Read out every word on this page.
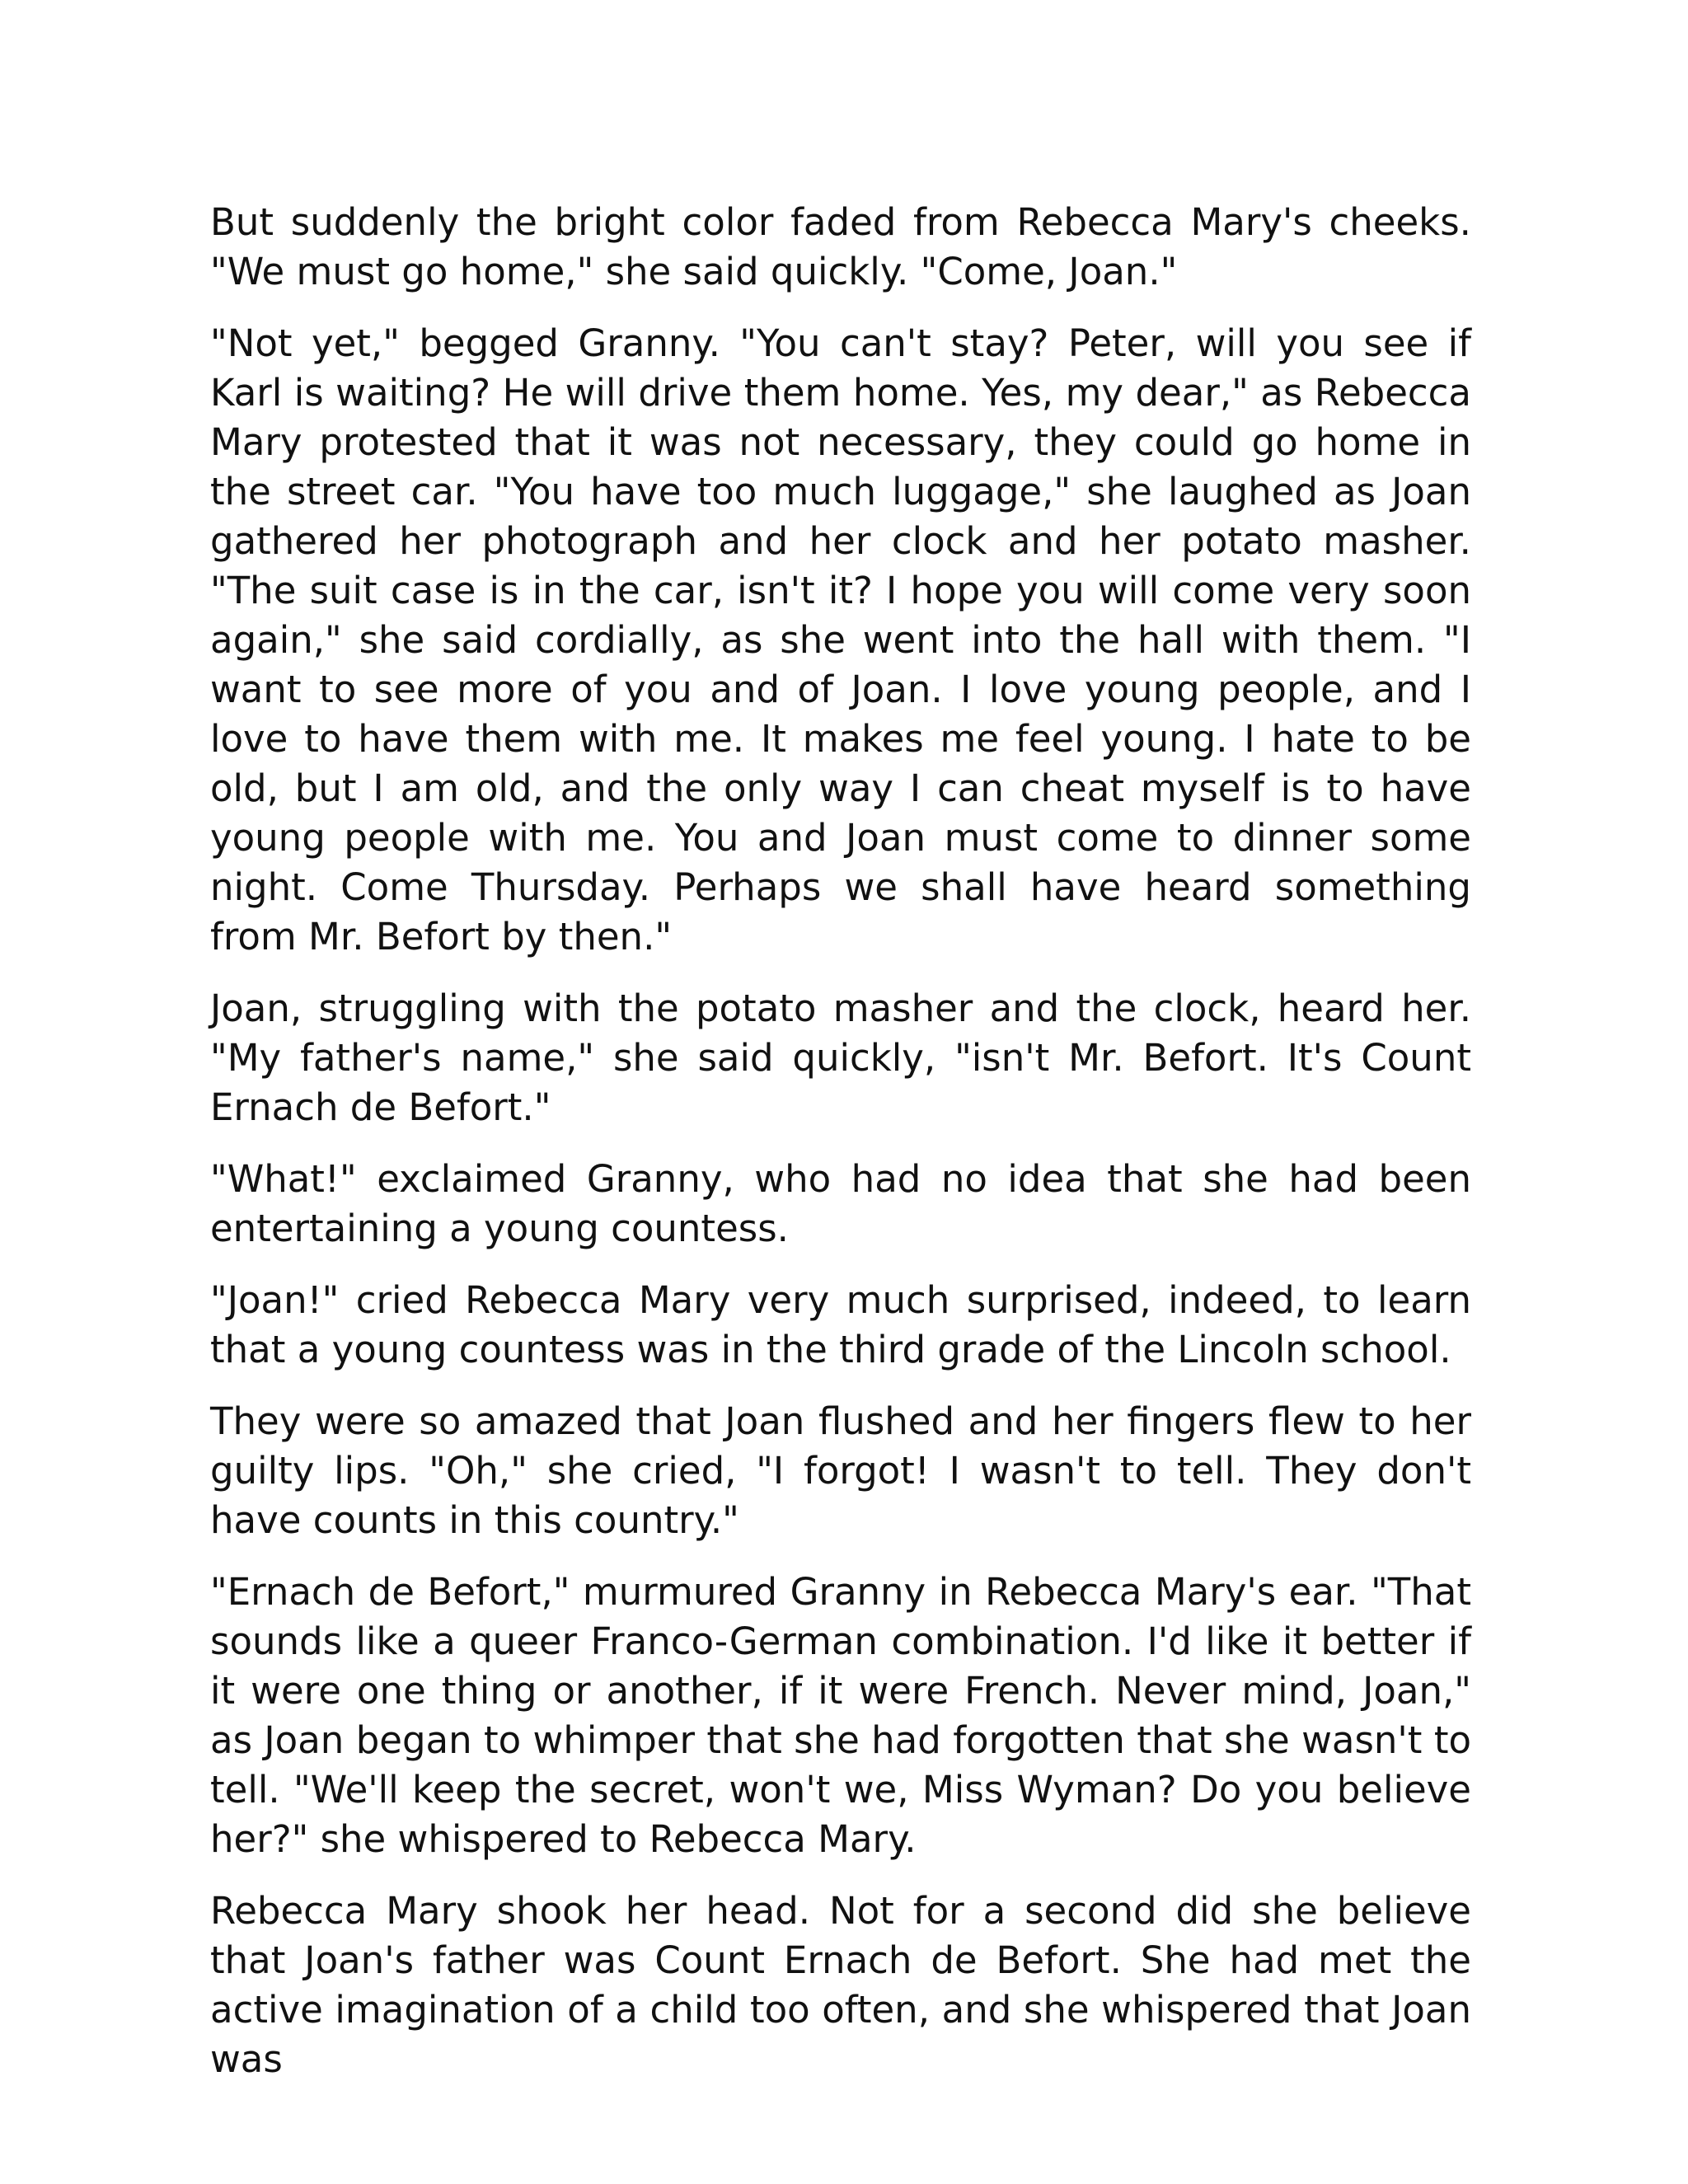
But suddenly the bright color faded from Rebecca Mary's cheeks. "We must go home," she said quickly. "Come, Joan."

"Not yet," begged Granny. "You can't stay? Peter, will you see if Karl is waiting? He will drive them home. Yes, my dear," as Rebecca Mary protested that it was not necessary, they could go home in the street car. "You have too much luggage," she laughed as Joan gathered her photograph and her clock and her potato masher. "The suit case is in the car, isn't it? I hope you will come very soon again," she said cordially, as she went into the hall with them. "I want to see more of you and of Joan. I love young people, and I love to have them with me. It makes me feel young. I hate to be old, but I am old, and the only way I can cheat myself is to have young people with me. You and Joan must come to dinner some night. Come Thursday. Perhaps we shall have heard something from Mr. Befort by then."

Joan, struggling with the potato masher and the clock, heard her. "My father's name," she said quickly, "isn't Mr. Befort. It's Count Ernach de Befort."

"What!" exclaimed Granny, who had no idea that she had been entertaining a young countess.

"Joan!" cried Rebecca Mary very much surprised, indeed, to learn that a young countess was in the third grade of the Lincoln school.

They were so amazed that Joan flushed and her fingers flew to her guilty lips. "Oh," she cried, "I forgot! I wasn't to tell. They don't have counts in this country."

"Ernach de Befort," murmured Granny in Rebecca Mary's ear. "That sounds like a queer Franco-German combination. I'd like it better if it were one thing or another, if it were French. Never mind, Joan," as Joan began to whimper that she had forgotten that she wasn't to tell. "We'll keep the secret, won't we, Miss Wyman? Do you believe her?" she whispered to Rebecca Mary.

Rebecca Mary shook her head. Not for a second did she believe that Joan's father was Count Ernach de Befort. She had met the active imagination of a child too often, and she whispered that Joan was
